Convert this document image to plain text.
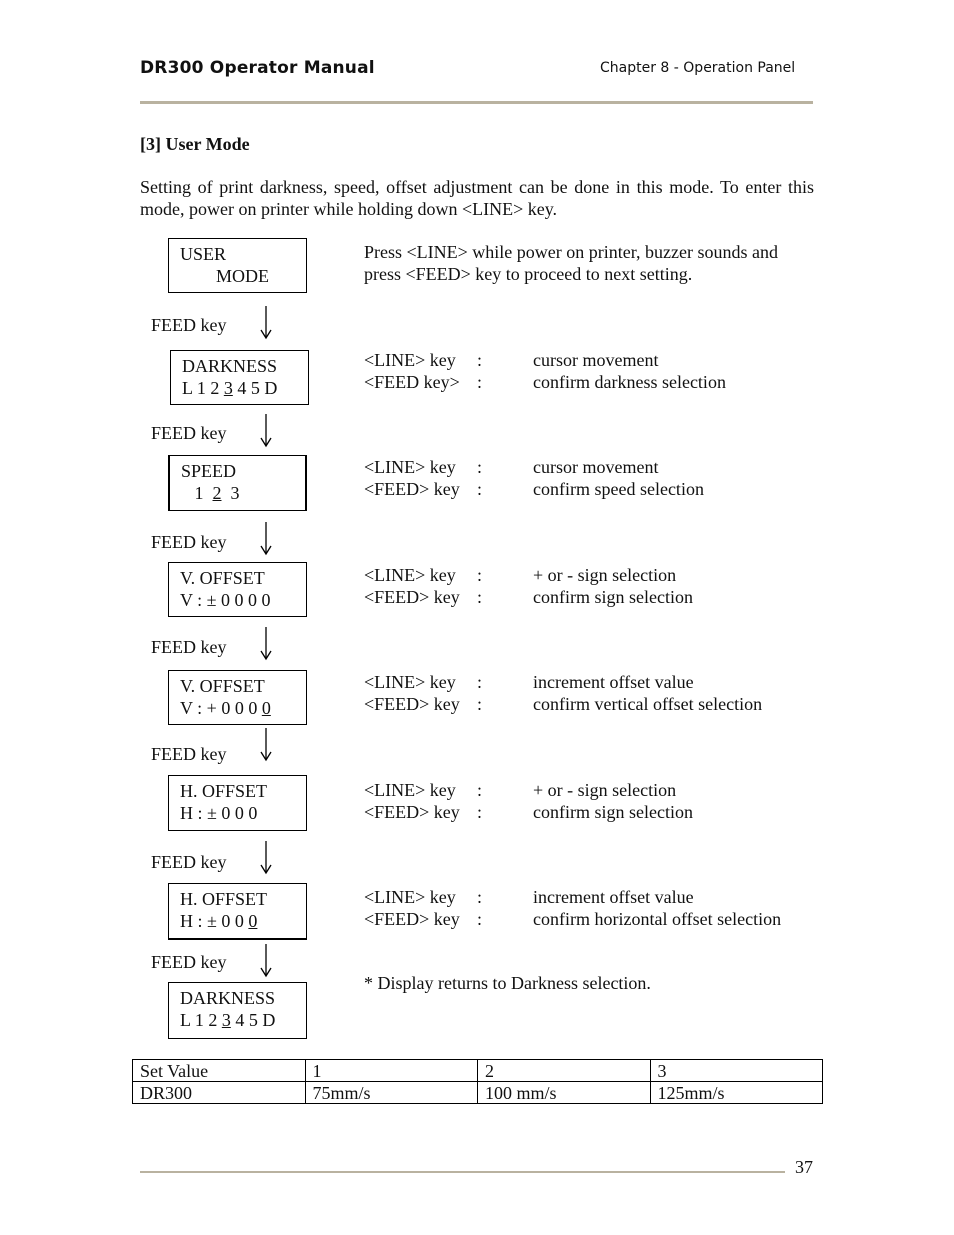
DR300 Operator Manual	Chapter 8 - Operation Panel
[3] User Mode
Setting of print darkness, speed, offset adjustment can be done in this mode. To enter this mode, power on printer while holding down <LINE> key.
USER
MODE
Press <LINE> while power on printer, buzzer sounds and press <FEED> key to proceed to next setting.
FEED key
DARKNESS
L 1 2 3 4 5 D
<LINE> key	:	cursor movement
<FEED key> :	confirm darkness selection
FEED key
SPEED
1  2  3
<LINE> key	:	cursor movement
<FEED> key :	confirm speed selection
FEED key
V. OFFSET
V : ± 0 0 0 0
<LINE> key	:	+ or - sign selection
<FEED> key :	confirm sign selection
FEED key
V. OFFSET
V : + 0 0 0 0
<LINE> key	:	increment offset value
<FEED> key :	confirm vertical offset selection
FEED key
H. OFFSET
H : ± 0 0 0
<LINE> key	:	+ or - sign selection
<FEED> key :	confirm sign selection
FEED key
H. OFFSET
H : ± 0 0 0
<LINE> key	:	increment offset value
<FEED> key :	confirm horizontal offset selection
FEED key
DARKNESS
L 1 2 3 4 5 D
* Display returns to Darkness selection.
Set Value	1	2	3
DR300	75mm/s	100 mm/s	125mm/s
37
